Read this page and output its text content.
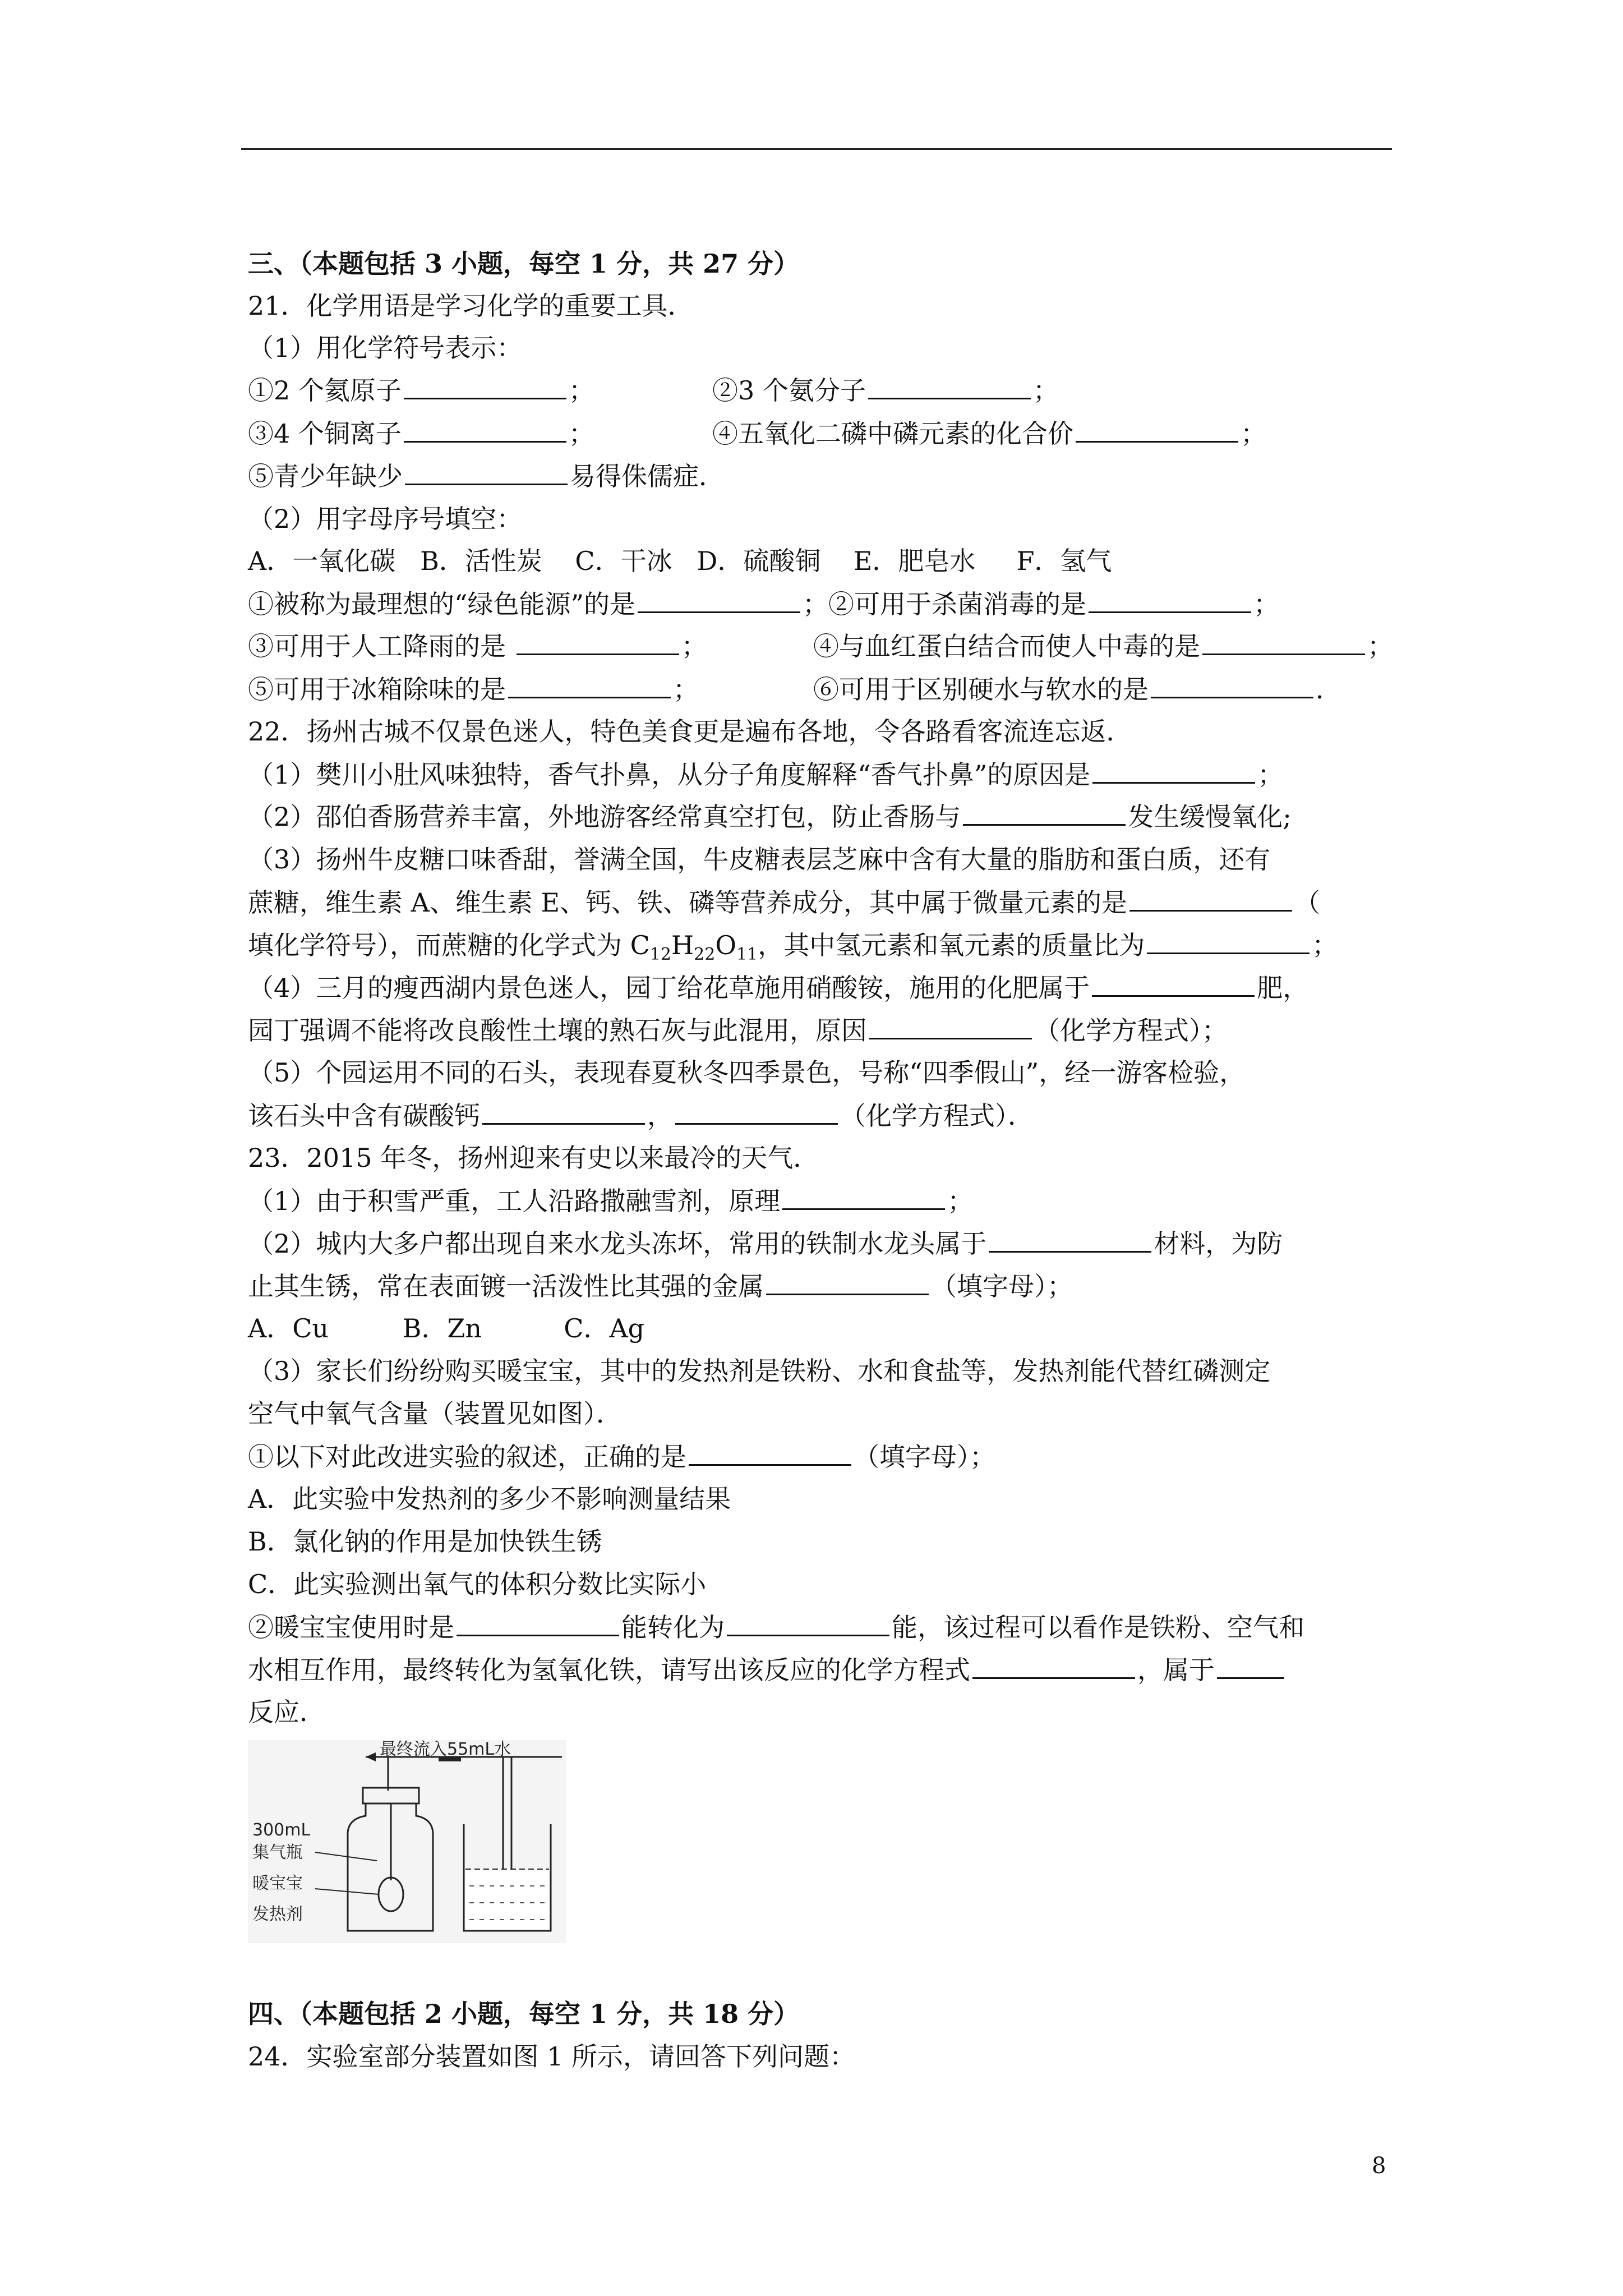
三、（本题包括 3 小题，每空 1 分，共 27 分）
21．化学用语是学习化学的重要工具．
（1）用化学符号表示：
①2 个氦原子	；	②3 个氨分子	；
③4 个铜离子	；	④五氧化二磷中磷元素的化合价	；
⑤青少年缺少	易得侏儒症．
（2）用字母序号填空：
A．一氧化碳   B．活性炭    C．干冰   D．硫酸铜    E．肥皂水     F．氢气
①被称为最理想的“绿色能源”的是	；②可用于杀菌消毒的是	；
③可用于人工降雨的是	；	④与血红蛋白结合而使人中毒的是	；
⑤可用于冰箱除味的是	；	⑥可用于区别硬水与软水的是	．
22．扬州古城不仅景色迷人，特色美食更是遍布各地，令各路看客流连忘返．
（1）樊川小肚风味独特，香气扑鼻，从分子角度解释“香气扑鼻”的原因是	；
（2）邵伯香肠营养丰富，外地游客经常真空打包，防止香肠与	发生缓慢氧化;
（3）扬州牛皮糖口味香甜，誉满全国，牛皮糖表层芝麻中含有大量的脂肪和蛋白质，还有
蔗糖，维生素 A、维生素 E、钙、铁、磷等营养成分，其中属于微量元素的是	（
填化学符号），而蔗糖的化学式为 $C_{12}H_{22}O_{11}$，其中氢元素和氧元素的质量比为	；
（4）三月的瘦西湖内景色迷人，园丁给花草施用硝酸铵，施用的化肥属于	肥，
园丁强调不能将改良酸性土壤的熟石灰与此混用，原因	（化学方程式）；
（5）个园运用不同的石头，表现春夏秋冬四季景色，号称“四季假山”，经一游客检验，
该石头中含有碳酸钙	，	（化学方程式）．
23．2015 年冬，扬州迎来有史以来最冷的天气．
（1）由于积雪严重，工人沿路撒融雪剂，原理	；
（2）城内大多户都出现自来水龙头冻坏，常用的铁制水龙头属于	材料，为防
止其生锈，常在表面镀一活泼性比其强的金属	（填字母）；
A．Cu         B．Zn          C．Ag
（3）家长们纷纷购买暖宝宝，其中的发热剂是铁粉、水和食盐等，发热剂能代替红磷测定
空气中氧气含量（装置见如图）．
①以下对此改进实验的叙述，正确的是	（填字母）；
A．此实验中发热剂的多少不影响测量结果
B．氯化钠的作用是加快铁生锈
C．此实验测出氧气的体积分数比实际小
②暖宝宝使用时是	能转化为	能，该过程可以看作是铁粉、空气和
水相互作用，最终转化为氢氧化铁，请写出该反应的化学方程式	，属于
反应．
最终流入55mL水
300mL
集气瓶
暖宝宝
发热剂
四、（本题包括 2 小题，每空 1 分，共 18 分）
24．实验室部分装置如图 1 所示，请回答下列问题：
8
